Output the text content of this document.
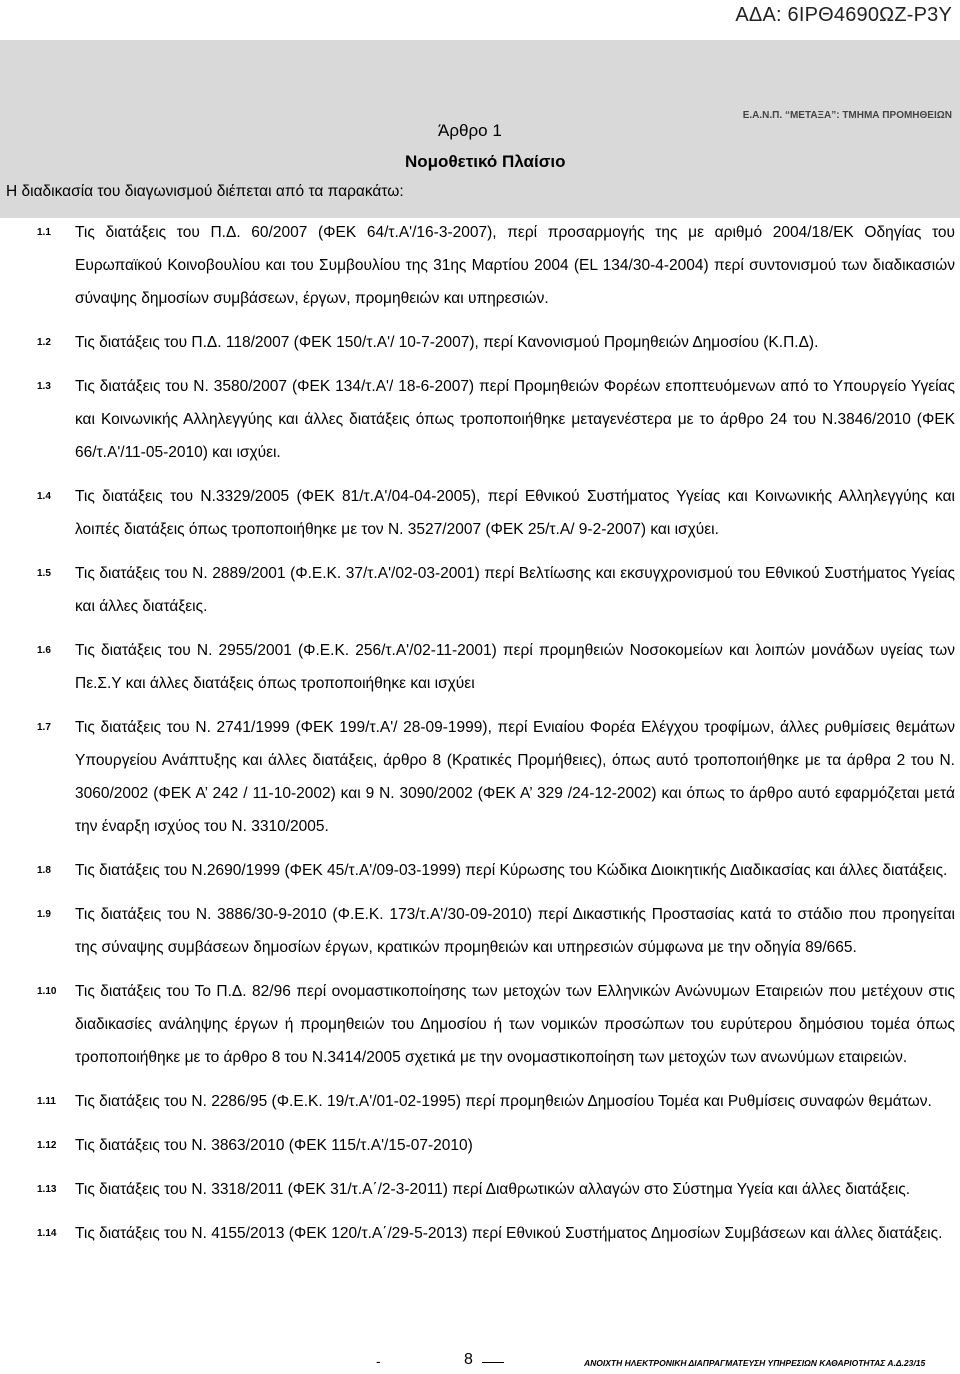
ΑΔΑ: 6ΙΡΘ4690ΩΖ-Ρ3Υ
Ε.Α.Ν.Π. “ΜΕΤΑΞΑ”: ΤΜΗΜΑ ΠΡΟΜΗΘΕΙΩΝ
Άρθρο 1
Νομοθετικό Πλαίσιο
Η διαδικασία του διαγωνισμού διέπεται από τα παρακάτω:
1.1	Τις διατάξεις του Π.Δ. 60/2007 (ΦΕΚ 64/τ.Α'/16-3-2007), περί προσαρμογής της με αριθμό 2004/18/ΕΚ Οδηγίας του Ευρωπαϊκού Κοινοβουλίου και του Συμβουλίου της 31ης Μαρτίου 2004 (EL 134/30-4-2004) περί συντονισμού των διαδικασιών σύναψης δημοσίων συμβάσεων, έργων, προμηθειών και υπηρεσιών.
1.2	Τις διατάξεις του Π.Δ. 118/2007 (ΦΕΚ 150/τ.Α'/ 10-7-2007), περί Κανονισμού Προμηθειών Δημοσίου (Κ.Π.Δ).
1.3	Τις διατάξεις του Ν. 3580/2007 (ΦΕΚ 134/τ.Α'/ 18-6-2007) περί Προμηθειών Φορέων εποπτευόμενων από το Υπουργείο Υγείας και Κοινωνικής Αλληλεγγύης και άλλες διατάξεις όπως τροποποιήθηκε μεταγενέστερα με το άρθρο 24 του Ν.3846/2010 (ΦΕΚ 66/τ.Α'/11-05-2010) και ισχύει.
1.4	Τις διατάξεις του Ν.3329/2005 (ΦΕΚ 81/τ.Α'/04-04-2005), περί Εθνικού Συστήματος Υγείας και Κοινωνικής Αλληλεγγύης και λοιπές διατάξεις όπως τροποποιήθηκε με τον Ν. 3527/2007 (ΦΕΚ 25/τ.Α/ 9-2-2007) και ισχύει.
1.5	Τις διατάξεις του Ν. 2889/2001 (Φ.Ε.Κ. 37/τ.Α'/02-03-2001) περί Βελτίωσης και εκσυγχρονισμού του Εθνικού Συστήματος Υγείας και άλλες διατάξεις.
1.6	Τις διατάξεις του Ν. 2955/2001 (Φ.Ε.Κ. 256/τ.Α'/02-11-2001) περί προμηθειών Νοσοκομείων και λοιπών μονάδων υγείας των Πε.Σ.Υ και άλλες διατάξεις όπως τροποποιήθηκε και ισχύει
1.7	Τις διατάξεις του Ν. 2741/1999 (ΦΕΚ 199/τ.Α'/ 28-09-1999), περί Ενιαίου Φορέα Ελέγχου τροφίμων, άλλες ρυθμίσεις θεμάτων Υπουργείου Ανάπτυξης και άλλες διατάξεις, άρθρο 8 (Κρατικές Προμήθειες), όπως αυτό τροποποιήθηκε με τα άρθρα 2 του Ν. 3060/2002 (ΦΕΚ Α’ 242 / 11-10-2002) και 9 Ν. 3090/2002 (ΦΕΚ Α’ 329 /24-12-2002) και όπως το άρθρο αυτό εφαρμόζεται μετά την έναρξη ισχύος του Ν. 3310/2005.
1.8	Τις διατάξεις του Ν.2690/1999 (ΦΕΚ 45/τ.Α'/09-03-1999) περί Κύρωσης του Κώδικα Διοικητικής Διαδικασίας και άλλες διατάξεις.
1.9	Τις διατάξεις του Ν. 3886/30-9-2010 (Φ.Ε.Κ. 173/τ.Α'/30-09-2010) περί Δικαστικής Προστασίας κατά το στάδιο που προηγείται της σύναψης συμβάσεων δημοσίων έργων, κρατικών προμηθειών και υπηρεσιών σύμφωνα με την οδηγία 89/665.
1.10	Τις διατάξεις του Το Π.Δ. 82/96 περί ονομαστικοποίησης των μετοχών των Ελληνικών Ανώνυμων Εταιρειών που μετέχουν στις διαδικασίες ανάληψης έργων ή προμηθειών του Δημοσίου ή των νομικών προσώπων του ευρύτερου δημόσιου τομέα όπως τροποποιήθηκε με το άρθρο 8 του Ν.3414/2005 σχετικά με την ονομαστικοποίηση των μετοχών των ανωνύμων εταιρειών.
1.11	Τις διατάξεις του Ν. 2286/95 (Φ.Ε.Κ. 19/τ.Α'/01-02-1995) περί προμηθειών Δημοσίου Τομέα και Ρυθμίσεις συναφών θεμάτων.
1.12	Τις διατάξεις του Ν. 3863/2010 (ΦΕΚ 115/τ.Α'/15-07-2010)
1.13	Τις διατάξεις του Ν. 3318/2011 (ΦΕΚ 31/τ.Α΄/2-3-2011) περί Διαθρωτικών αλλαγών στο Σύστημα Υγεία και άλλες διατάξεις.
1.14	Τις διατάξεις του Ν. 4155/2013 (ΦΕΚ 120/τ.Α΄/29-5-2013) περί Εθνικού Συστήματος Δημοσίων Συμβάσεων και άλλες διατάξεις.
-	8	ΑΝΟΙΧΤΗ ΗΛΕΚΤΡΟΝΙΚΗ ΔΙΑΠΡΑΓΜΑΤΕΥΣΗ ΥΠΗΡΕΣΙΩΝ ΚΑΘΑΡΙΟΤΗΤΑΣ Α.Δ.23/15
